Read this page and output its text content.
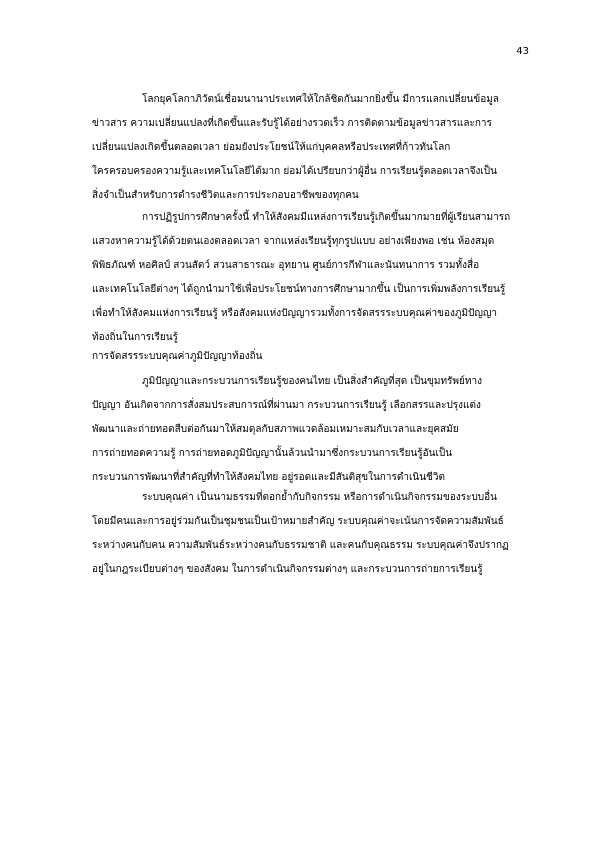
43
โลกยุคโลกาภิวัตน์เชื่อมนานาประเทศให้ใกล้ชิดกันมากยิ่งขึ้น มีการแลกเปลี่ยนข้อมูล
ข่าวสาร ความเปลี่ยนแปลงที่เกิดขึ้นและรับรู้ได้อย่างรวดเร็ว การติดตามข้อมูลข่าวสารและการ
เปลี่ยนแปลงเกิดขึ้นตลอดเวลา ย่อมยังประโยชน์ให้แก่บุคคลหรือประเทศที่ก้าวทันโลก
ใครครอบครองความรู้และเทคโนโลยีได้มาก ย่อมได้เปรียบกว่าผู้อื่น การเรียนรู้ตลอดเวลาจึงเป็น
สิ่งจำเป็นสำหรับการดำรงชีวิตและการประกอบอาชีพของทุกคน
การปฏิรูปการศึกษาครั้งนี้ ทำให้สังคมมีแหล่งการเรียนรู้เกิดขึ้นมากมายที่ผู้เรียนสามารถ
แสวงหาความรู้ได้ด้วยตนเองตลอดเวลา จากแหล่งเรียนรู้ทุกรูปแบบ อย่างเพียงพอ เช่น ห้องสมุด
พิพิธภัณฑ์ หอศิลป์ สวนสัตว์ สวนสาธารณะ อุทยาน ศูนย์การกีฬาและนันทนาการ รวมทั้งสื่อ
และเทคโนโลยีต่างๆ ได้ถูกนำมาใช้เพื่อประโยชน์ทางการศึกษามากขึ้น เป็นการเพิ่มพลังการเรียนรู้
เพื่อทำให้สังคมแห่งการเรียนรู้ หรือสังคมแห่งปัญญารวมทั้งการจัดสรรระบบคุณค่าของภูมิปัญญา
ท้องถิ่นในการเรียนรู้
การจัดสรรระบบคุณค่าภูมิปัญญาท้องถิ่น
ภูมิปัญญาและกระบวนการเรียนรู้ของคนไทย เป็นสิ่งสำคัญที่สุด เป็นขุมทรัพย์ทาง
ปัญญา อันเกิดจากการสั่งสมประสบการณ์ที่ผ่านมา กระบวนการเรียนรู้ เลือกสรรและปรุงแต่ง
พัฒนาและถ่ายทอดสืบต่อกันมาให้สมดุลกับสภาพแวดล้อมเหมาะสมกับเวลาและยุคสมัย
การถ่ายทอดความรู้ การถ่ายทอดภูมิปัญญานั้นล้วนนำมาซึ่งกระบวนการเรียนรู้อันเป็น
กระบวนการพัฒนาที่สำคัญที่ทำให้สังคมไทย อยู่รอดและมีสันติสุขในการดำเนินชีวิต
ระบบคุณค่า เป็นนามธรรมที่ตอกย้ำกับกิจกรรม หรือการดำเนินกิจกรรมของระบบอื่น
โดยมีคนและการอยู่ร่วมกันเป็นชุมชนเป็นเป้าหมายสำคัญ ระบบคุณค่าจะเน้นการจัดความสัมพันธ์
ระหว่างคนกับคน ความสัมพันธ์ระหว่างคนกับธรรมชาติ และคนกับคุณธรรม ระบบคุณค่าจึงปรากฏ
อยู่ในกฎระเบียบต่างๆ ของสังคม ในการดำเนินกิจกรรมต่างๆ และกระบวนการถ่ายการเรียนรู้
